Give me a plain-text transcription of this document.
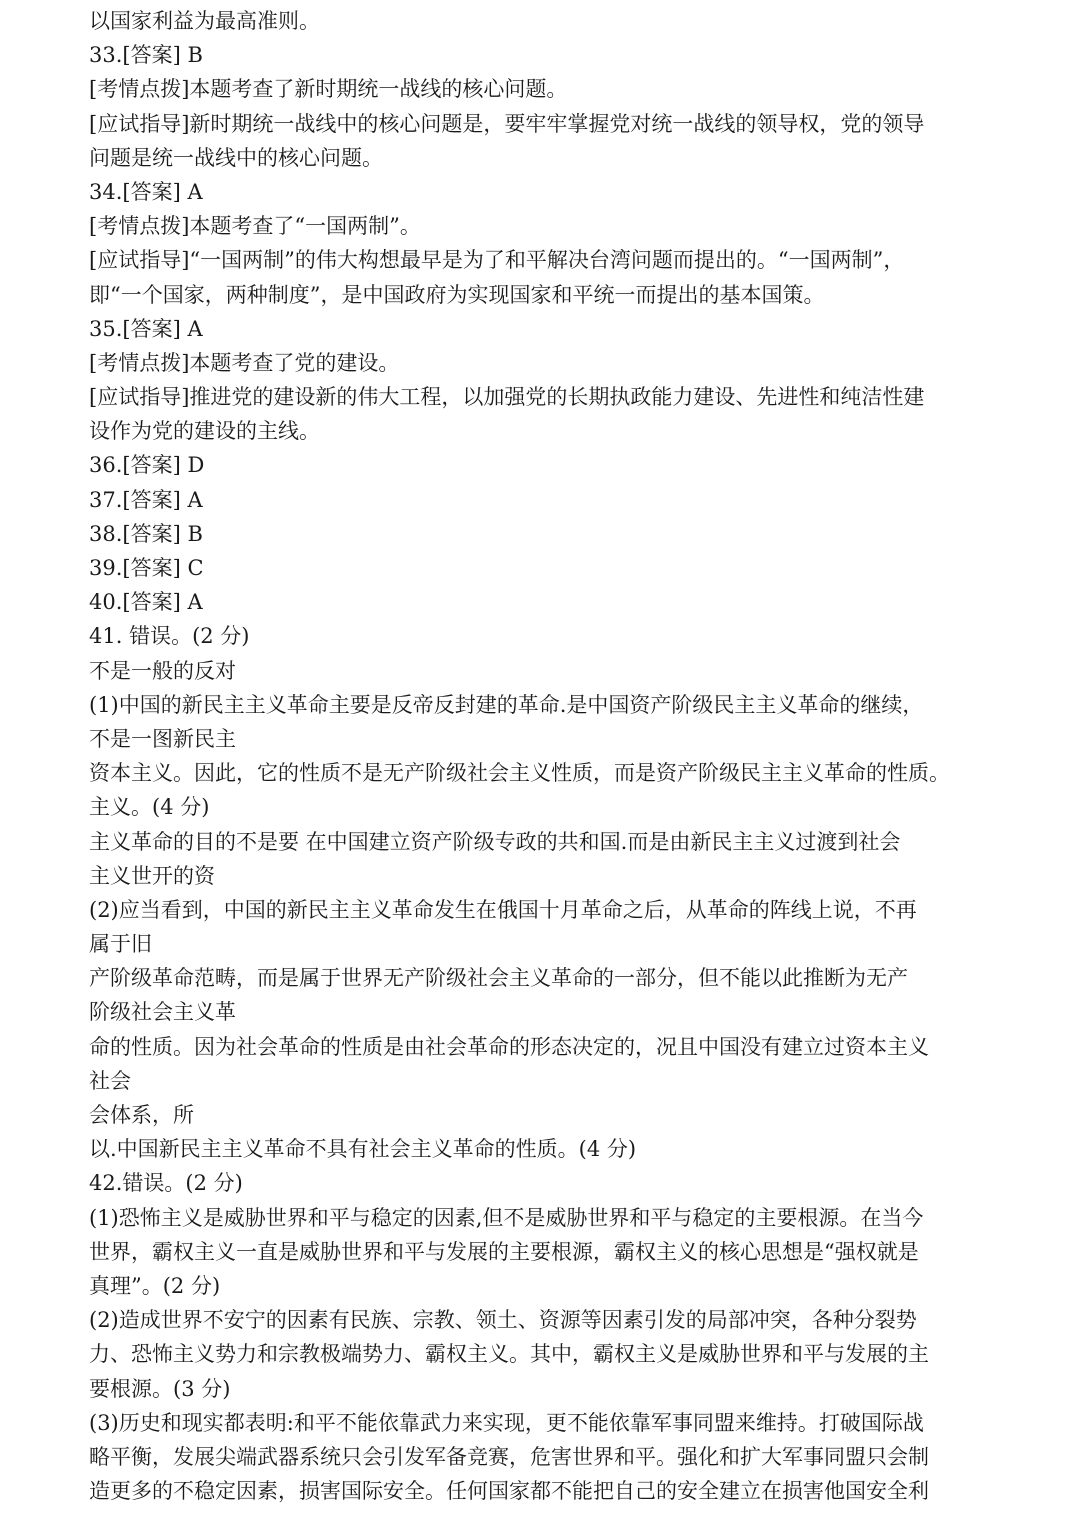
以国家利益为最高准则。
33.[答案] B
[考情点拨]本题考查了新时期统一战线的核心问题。
[应试指导]新时期统一战线中的核心问题是，要牢牢掌握党对统一战线的领导权，党的领导
问题是统一战线中的核心问题。
34.[答案] A
[考情点拨]本题考查了“一国两制”。
[应试指导]“一国两制”的伟大构想最早是为了和平解决台湾问题而提出的。“一国两制”，
即“一个国家，两种制度”，是中国政府为实现国家和平统一而提出的基本国策。
35.[答案] A
[考情点拨]本题考查了党的建设。
[应试指导]推进党的建设新的伟大工程，以加强党的长期执政能力建设、先进性和纯洁性建
设作为党的建设的主线。
36.[答案] D
37.[答案] A
38.[答案] B
39.[答案] C
40.[答案] A
41. 错误。(2 分)
不是一般的反对
(1)中国的新民主主义革命主要是反帝反封建的革命.是中国资产阶级民主主义革命的继续，
不是一图新民主
资本主义。因此，它的性质不是无产阶级社会主义性质，而是资产阶级民主主义革命的性质。
主义。(4 分)
主义革命的目的不是要 在中国建立资产阶级专政的共和国.而是由新民主主义过渡到社会
主义世开的资
(2)应当看到，中国的新民主主义革命发生在俄国十月革命之后，从革命的阵线上说，不再
属于旧
产阶级革命范畴，而是属于世界无产阶级社会主义革命的一部分，但不能以此推断为无产
阶级社会主义革
命的性质。因为社会革命的性质是由社会革命的形态决定的，况且中国没有建立过资本主义
社会
会体系，所
以.中国新民主主义革命不具有社会主义革命的性质。(4 分)
42.错误。(2 分)
(1)恐怖主义是威胁世界和平与稳定的因素,但不是威胁世界和平与稳定的主要根源。在当今
世界，霸权主义一直是威胁世界和平与发展的主要根源，霸权主义的核心思想是“强权就是
真理”。(2 分)
(2)造成世界不安宁的因素有民族、宗教、领土、资源等因素引发的局部冲突，各种分裂势
力、恐怖主义势力和宗教极端势力、霸权主义。其中，霸权主义是威胁世界和平与发展的主
要根源。(3 分)
(3)历史和现实都表明:和平不能依靠武力来实现，更不能依靠军事同盟来维持。打破国际战
略平衡，发展尖端武器系统只会引发军备竞赛，危害世界和平。强化和扩大军事同盟只会制
造更多的不稳定因素，损害国际安全。任何国家都不能把自己的安全建立在损害他国安全利
